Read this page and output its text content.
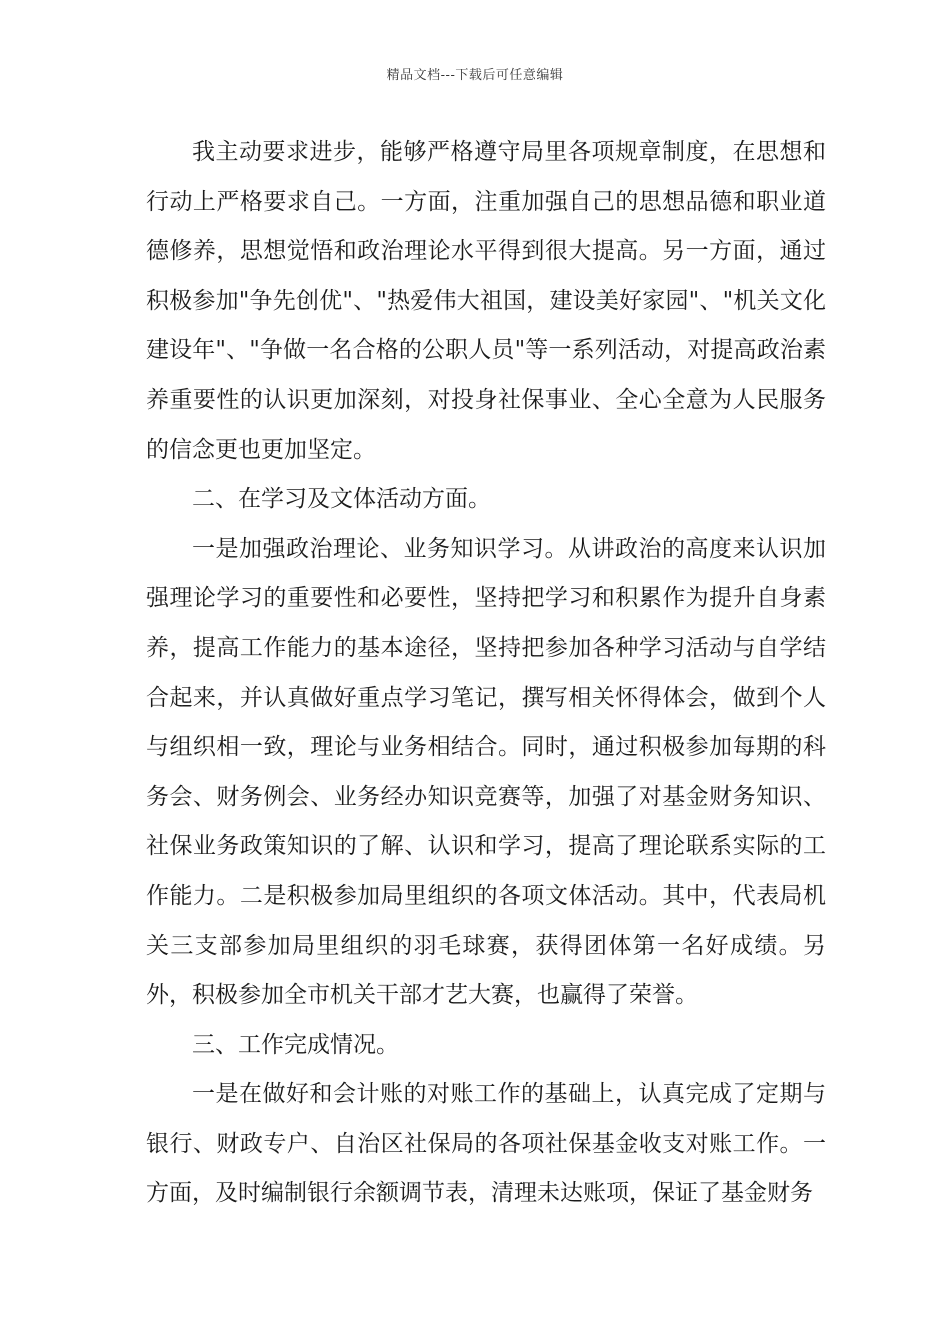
精品文档---下载后可任意编辑

我主动要求进步，能够严格遵守局里各项规章制度，在思想和行动上严格要求自己。一方面，注重加强自己的思想品德和职业道德修养，思想觉悟和政治理论水平得到很大提高。另一方面，通过积极参加"争先创优"、"热爱伟大祖国，建设美好家园"、"机关文化建设年"、"争做一名合格的公职人员"等一系列活动，对提高政治素养重要性的认识更加深刻，对投身社保事业、全心全意为人民服务的信念更也更加坚定。

二、在学习及文体活动方面。

一是加强政治理论、业务知识学习。从讲政治的高度来认识加强理论学习的重要性和必要性，坚持把学习和积累作为提升自身素养，提高工作能力的基本途径，坚持把参加各种学习活动与自学结合起来，并认真做好重点学习笔记，撰写相关怀得体会，做到个人与组织相一致，理论与业务相结合。同时，通过积极参加每期的科务会、财务例会、业务经办知识竞赛等，加强了对基金财务知识、社保业务政策知识的了解、认识和学习，提高了理论联系实际的工作能力。二是积极参加局里组织的各项文体活动。其中，代表局机关三支部参加局里组织的羽毛球赛，获得团体第一名好成绩。另外，积极参加全市机关干部才艺大赛，也赢得了荣誉。

三、工作完成情况。

一是在做好和会计账的对账工作的基础上，认真完成了定期与银行、财政专户、自治区社保局的各项社保基金收支对账工作。一方面，及时编制银行余额调节表，清理未达账项，保证了基金财务
